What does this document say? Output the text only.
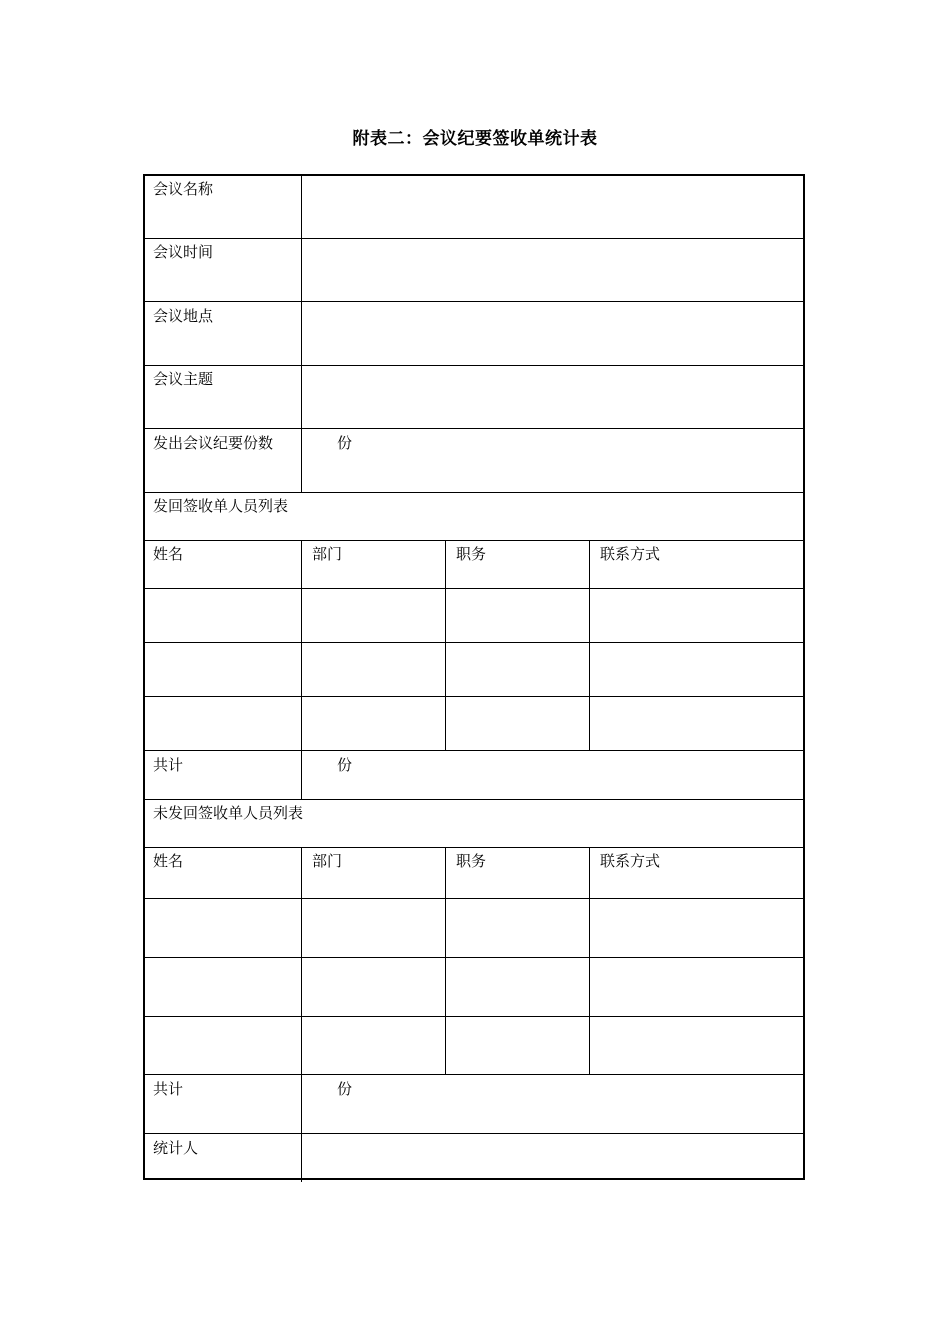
附表二：会议纪要签收单统计表
会议名称
会议时间
会议地点
会议主题
发出会议纪要份数	份
发回签收单人员列表
姓名	部门	职务	联系方式
共计	份
未发回签收单人员列表
姓名	部门	职务	联系方式
共计	份
统计人
